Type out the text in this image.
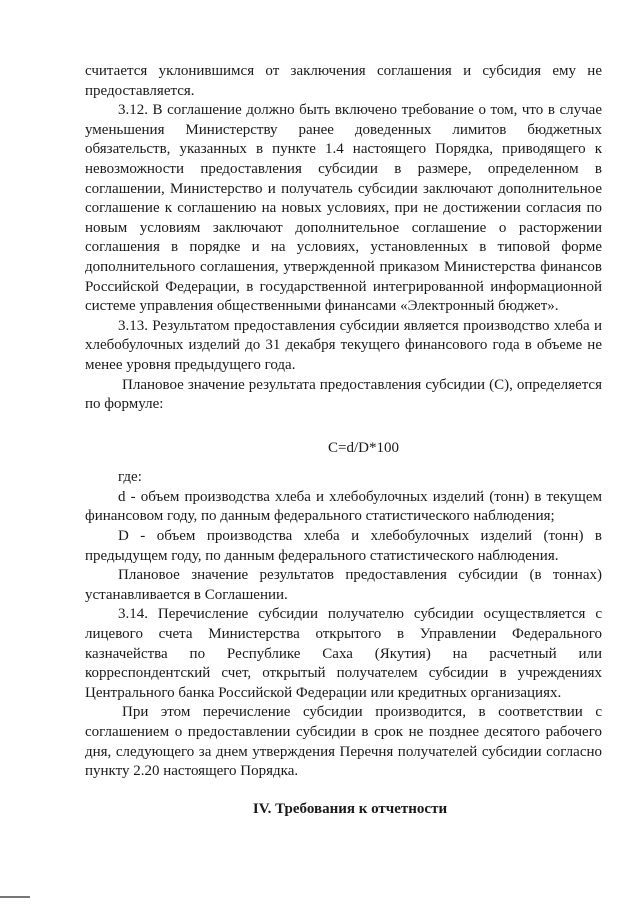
считается уклонившимся от заключения соглашения и субсидия ему не предоставляется.

3.12. В соглашение должно быть включено требование о том, что в случае уменьшения Министерству ранее доведенных лимитов бюджетных обязательств, указанных в пункте 1.4 настоящего Порядка, приводящего к невозможности предоставления субсидии в размере, определенном в соглашении, Министерство и получатель субсидии заключают дополнительное соглашение к соглашению на новых условиях, при не достижении согласия по новым условиям заключают дополнительное соглашение о расторжении соглашения в порядке и на условиях, установленных в типовой форме дополнительного соглашения, утвержденной приказом Министерства финансов Российской Федерации, в государственной интегрированной информационной системе управления общественными финансами «Электронный бюджет».

3.13. Результатом предоставления субсидии является производство хлеба и хлебобулочных изделий до 31 декабря текущего финансового года в объеме не менее уровня предыдущего года.

Плановое значение результата предоставления субсидии (С), определяется по формуле:

C=d/D*100

где:

d - объем производства хлеба и хлебобулочных изделий (тонн) в текущем финансовом году, по данным федерального статистического наблюдения;

D - объем производства хлеба и хлебобулочных изделий (тонн) в предыдущем году, по данным федерального статистического наблюдения.

Плановое значение результатов предоставления субсидии (в тоннах) устанавливается в Соглашении.

3.14. Перечисление субсидии получателю субсидии осуществляется с лицевого счета Министерства открытого в Управлении Федерального казначейства по Республике Саха (Якутия) на расчетный или корреспондентский счет, открытый получателем субсидии в учреждениях Центрального банка Российской Федерации или кредитных организациях.

При этом перечисление субсидии производится, в соответствии с соглашением о предоставлении субсидии в срок не позднее десятого рабочего дня, следующего за днем утверждения Перечня получателей субсидии согласно пункту 2.20 настоящего Порядка.

IV. Требования к отчетности
